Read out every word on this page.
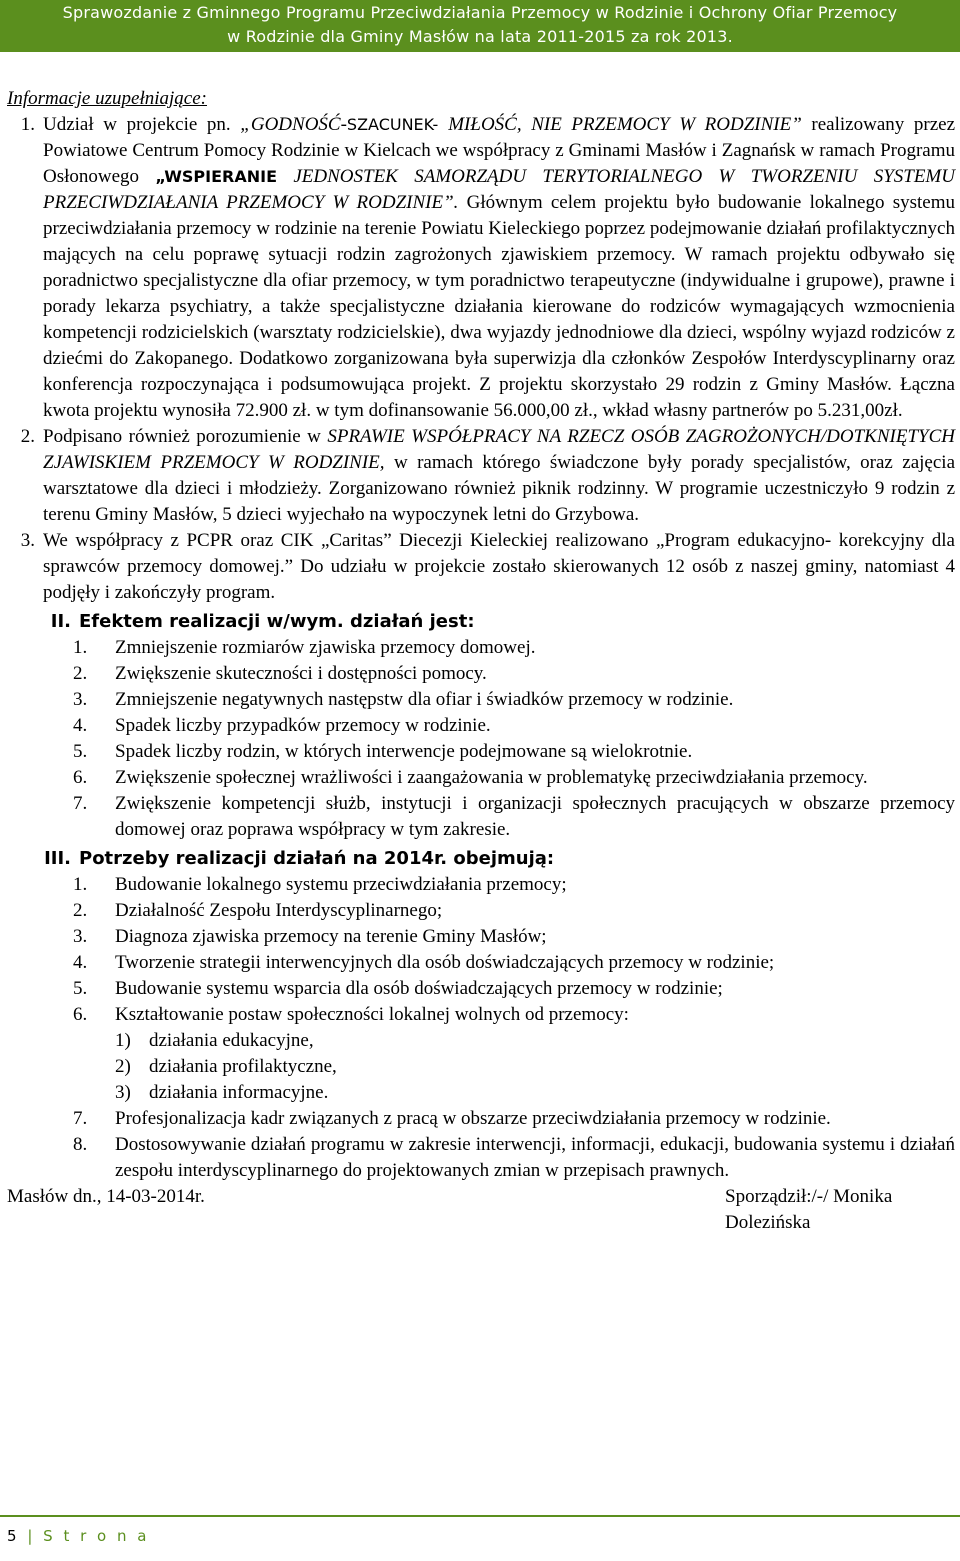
Sprawozdanie z Gminnego Programu Przeciwdziałania Przemocy w Rodzinie i Ochrony Ofiar Przemocy
w Rodzinie dla Gminy Masłów na lata 2011-2015 za rok 2013.
Informacje uzupełniające:
1. Udział w projekcie pn. „GODNOŚĆ-SZACUNEK- MIŁOŚĆ, NIE PRZEMOCY W RODZINIE” realizowany przez Powiatowe Centrum Pomocy Rodzinie w Kielcach we współpracy z Gminami Masłów i Zagnańsk w ramach Programu Osłonowego „WSPIERANIE JEDNOSTEK SAMORZĄDU TERYTORIALNEGO W TWORZENIU SYSTEMU PRZECIWDZIAŁANIA PRZEMOCY W RODZINIE”. Głównym celem projektu było budowanie lokalnego systemu przeciwdziałania przemocy w rodzinie na terenie Powiatu Kieleckiego poprzez podejmowanie działań profilaktycznych mających na celu poprawę sytuacji rodzin zagrożonych zjawiskiem przemocy. W ramach projektu odbywało się poradnictwo specjalistyczne dla ofiar przemocy, w tym poradnictwo terapeutyczne (indywidualne i grupowe), prawne i porady lekarza psychiatry, a także specjalistyczne działania kierowane do rodziców wymagających wzmocnienia kompetencji rodzicielskich (warsztaty rodzicielskie), dwa wyjazdy jednodniowe dla dzieci, wspólny wyjazd rodziców z dziećmi do Zakopanego. Dodatkowo zorganizowana była superwizja dla członków Zespołów Interdyscyplinarny oraz konferencja rozpoczynająca i podsumowująca projekt. Z projektu skorzystało 29 rodzin z Gminy Masłów. Łączna kwota projektu wynosiła 72.900 zł. w tym dofinansowanie 56.000,00 zł., wkład własny partnerów po 5.231,00zł.
2. Podpisano również porozumienie w SPRAWIE WSPÓŁPRACY NA RZECZ OSÓB ZAGROŻONYCH/DOTKNIĘTYCH ZJAWISKIEM PRZEMOCY W RODZINIE, w ramach którego świadczone były porady specjalistów, oraz zajęcia warsztatowe dla dzieci i młodzieży. Zorganizowano również piknik rodzinny. W programie uczestniczyło 9 rodzin z terenu Gminy Masłów, 5 dzieci wyjechało na wypoczynek letni do Grzybowa.
3. We współpracy z PCPR oraz CIK „Caritas” Diecezji Kieleckiej realizowano „Program edukacyjno- korekcyjny dla sprawców przemocy domowej.” Do udziału w projekcie zostało skierowanych 12 osób z naszej gminy, natomiast 4 podjęły i zakończyły program.
II. Efektem realizacji w/wym. działań jest:
1.	Zmniejszenie rozmiarów zjawiska przemocy domowej.
2.	Zwiększenie skuteczności i dostępności pomocy.
3.	Zmniejszenie negatywnych następstw dla ofiar i świadków przemocy w rodzinie.
4.	Spadek liczby przypadków przemocy w rodzinie.
5.	Spadek liczby rodzin, w których interwencje podejmowane są wielokrotnie.
6.	Zwiększenie społecznej wrażliwości i zaangażowania w problematykę przeciwdziałania przemocy.
7.	Zwiększenie kompetencji służb, instytucji i organizacji społecznych pracujących w obszarze przemocy domowej oraz poprawa współpracy w tym zakresie.
III. Potrzeby realizacji działań na 2014r. obejmują:
1.	Budowanie lokalnego systemu przeciwdziałania przemocy;
2.	Działalność Zespołu Interdyscyplinarnego;
3.	Diagnoza zjawiska przemocy na terenie Gminy Masłów;
4.	Tworzenie strategii interwencyjnych dla osób doświadczających przemocy w rodzinie;
5.	Budowanie systemu wsparcia dla osób doświadczających przemocy w rodzinie;
6.	Kształtowanie postaw społeczności lokalnej wolnych od przemocy:
1) działania edukacyjne,
2) działania profilaktyczne,
3) działania informacyjne.
7.	Profesjonalizacja kadr związanych z pracą w obszarze przeciwdziałania przemocy w rodzinie.
8.	Dostosowywanie działań programu w zakresie interwencji, informacji, edukacji, budowania systemu i działań zespołu interdyscyplinarnego do projektowanych zmian w przepisach prawnych.
Masłów dn., 14-03-2014r.	Sporządził:/-/ Monika Dolezińska
5 | S t r o n a
